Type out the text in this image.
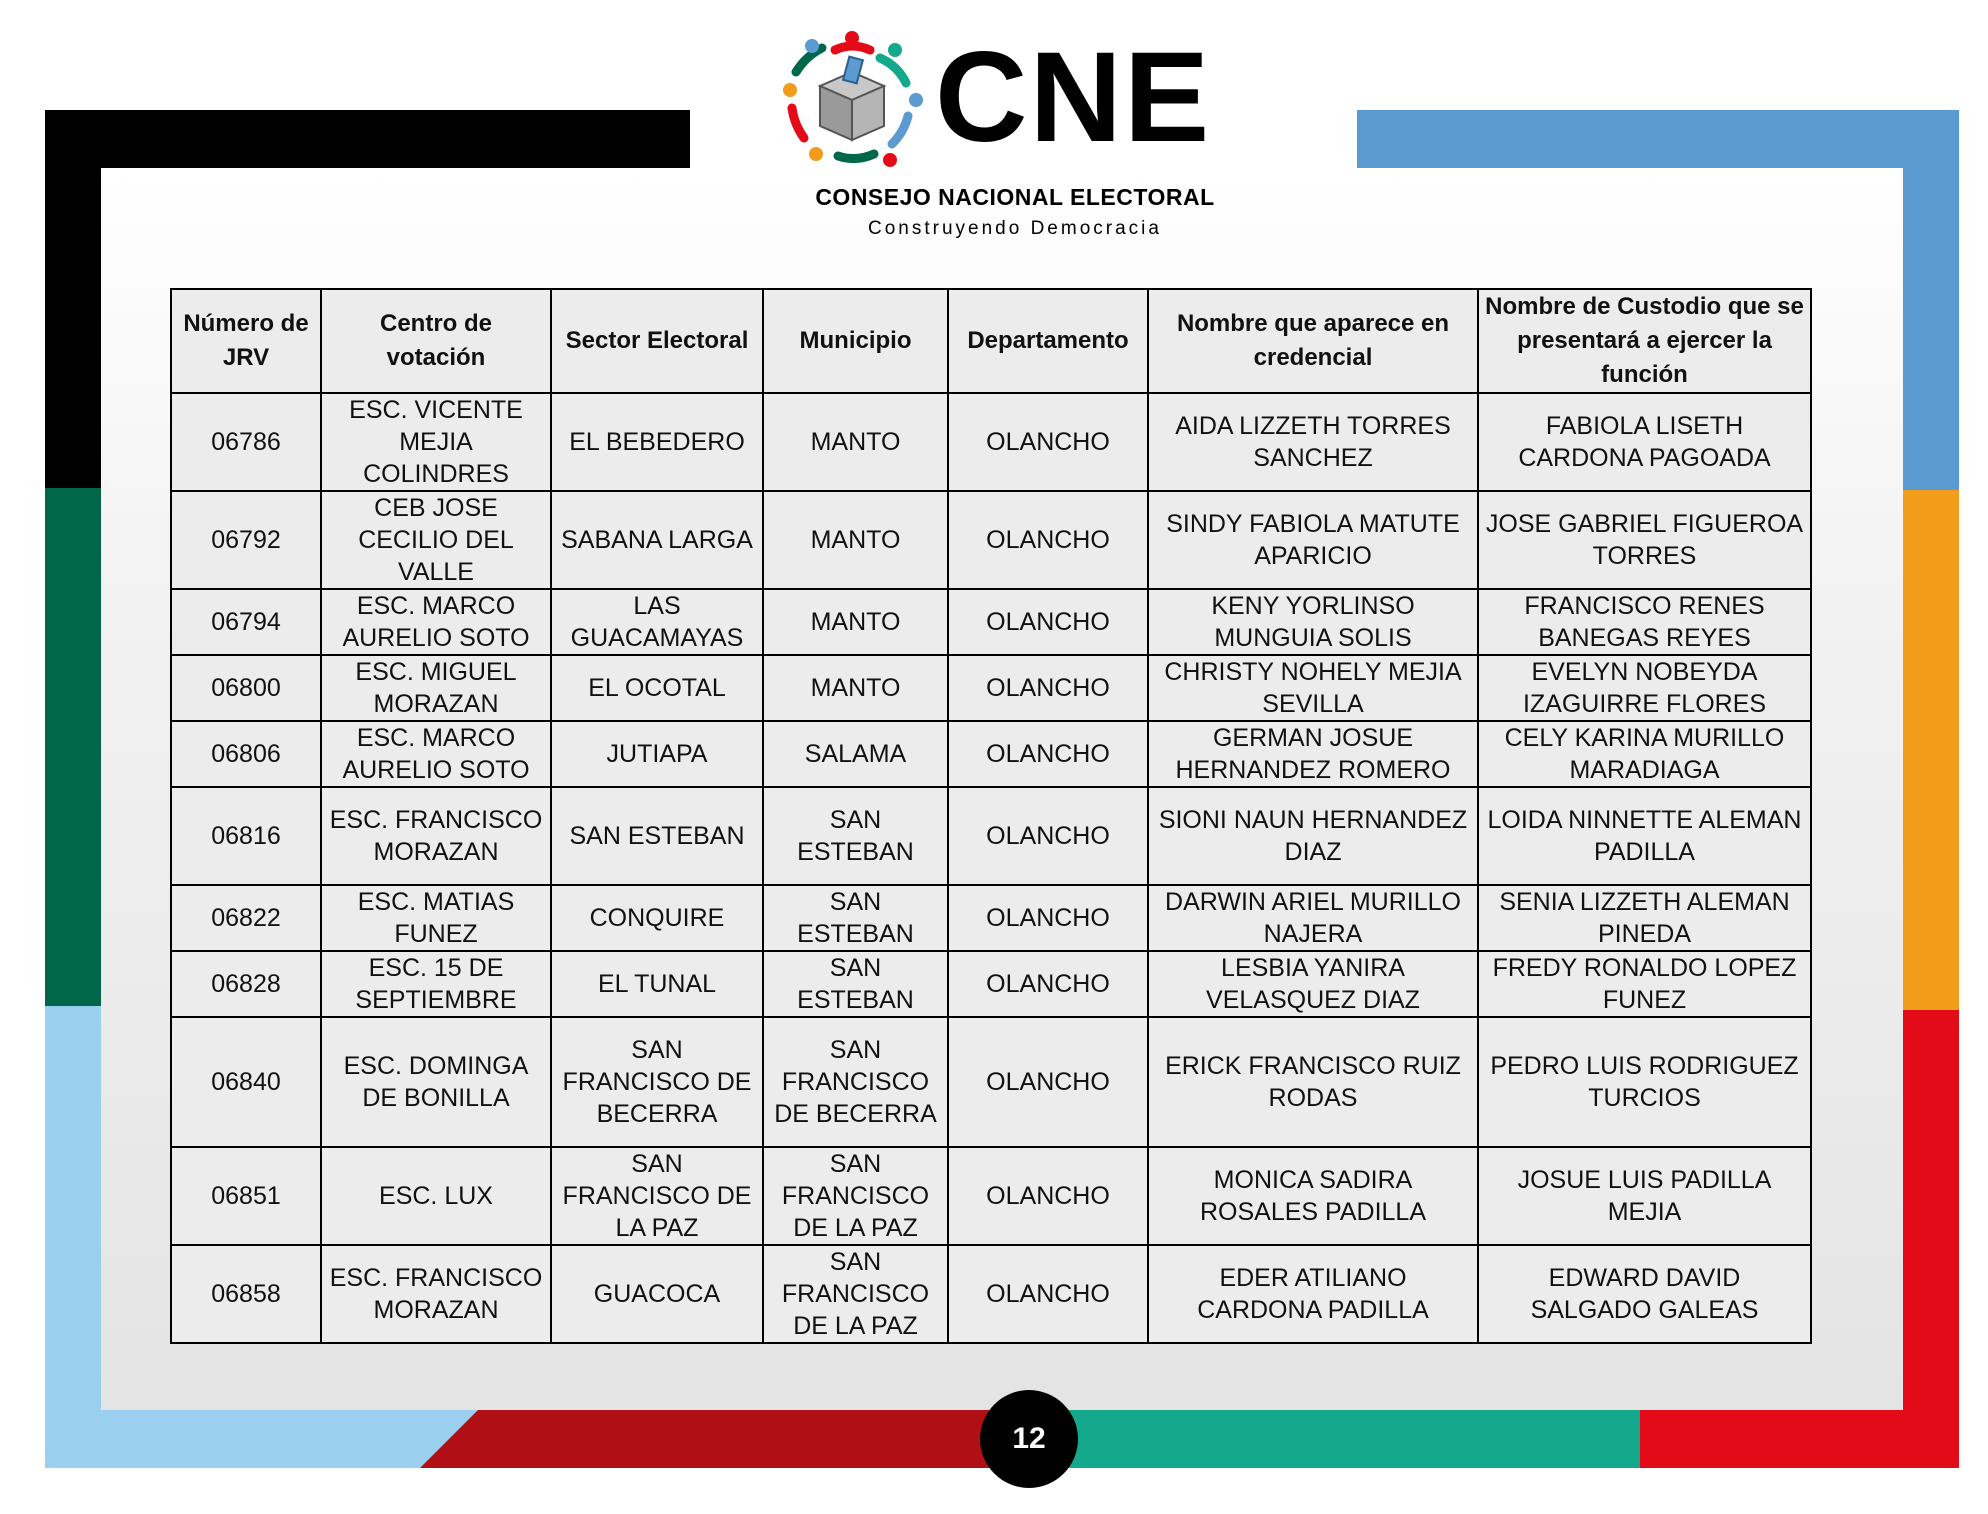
CNE
CONSEJO NACIONAL ELECTORAL
Construyendo Democracia
Número de JRV	Centro de votación	Sector Electoral	Municipio	Departamento	Nombre que aparece en credencial	Nombre de Custodio que se presentará a ejercer la función
06786	ESC. VICENTE MEJIA COLINDRES	EL BEBEDERO	MANTO	OLANCHO	AIDA LIZZETH TORRES SANCHEZ	FABIOLA LISETH CARDONA PAGOADA
06792	CEB JOSE CECILIO DEL VALLE	SABANA LARGA	MANTO	OLANCHO	SINDY FABIOLA MATUTE APARICIO	JOSE GABRIEL FIGUEROA TORRES
06794	ESC. MARCO AURELIO SOTO	LAS GUACAMAYAS	MANTO	OLANCHO	KENY YORLINSO MUNGUIA SOLIS	FRANCISCO RENES BANEGAS REYES
06800	ESC. MIGUEL MORAZAN	EL OCOTAL	MANTO	OLANCHO	CHRISTY NOHELY MEJIA SEVILLA	EVELYN NOBEYDA IZAGUIRRE FLORES
06806	ESC. MARCO AURELIO SOTO	JUTIAPA	SALAMA	OLANCHO	GERMAN JOSUE HERNANDEZ ROMERO	CELY KARINA MURILLO MARADIAGA
06816	ESC. FRANCISCO MORAZAN	SAN ESTEBAN	SAN ESTEBAN	OLANCHO	SIONI NAUN HERNANDEZ DIAZ	LOIDA NINNETTE ALEMAN PADILLA
06822	ESC. MATIAS FUNEZ	CONQUIRE	SAN ESTEBAN	OLANCHO	DARWIN ARIEL MURILLO NAJERA	SENIA LIZZETH ALEMAN PINEDA
06828	ESC. 15 DE SEPTIEMBRE	EL TUNAL	SAN ESTEBAN	OLANCHO	LESBIA YANIRA VELASQUEZ DIAZ	FREDY RONALDO LOPEZ FUNEZ
06840	ESC. DOMINGA DE BONILLA	SAN FRANCISCO DE BECERRA	SAN FRANCISCO DE BECERRA	OLANCHO	ERICK FRANCISCO RUIZ RODAS	PEDRO LUIS RODRIGUEZ TURCIOS
06851	ESC. LUX	SAN FRANCISCO DE LA PAZ	SAN FRANCISCO DE LA PAZ	OLANCHO	MONICA SADIRA ROSALES PADILLA	JOSUE LUIS PADILLA MEJIA
06858	ESC. FRANCISCO MORAZAN	GUACOCA	SAN FRANCISCO DE LA PAZ	OLANCHO	EDER ATILIANO CARDONA PADILLA	EDWARD DAVID SALGADO GALEAS
12
